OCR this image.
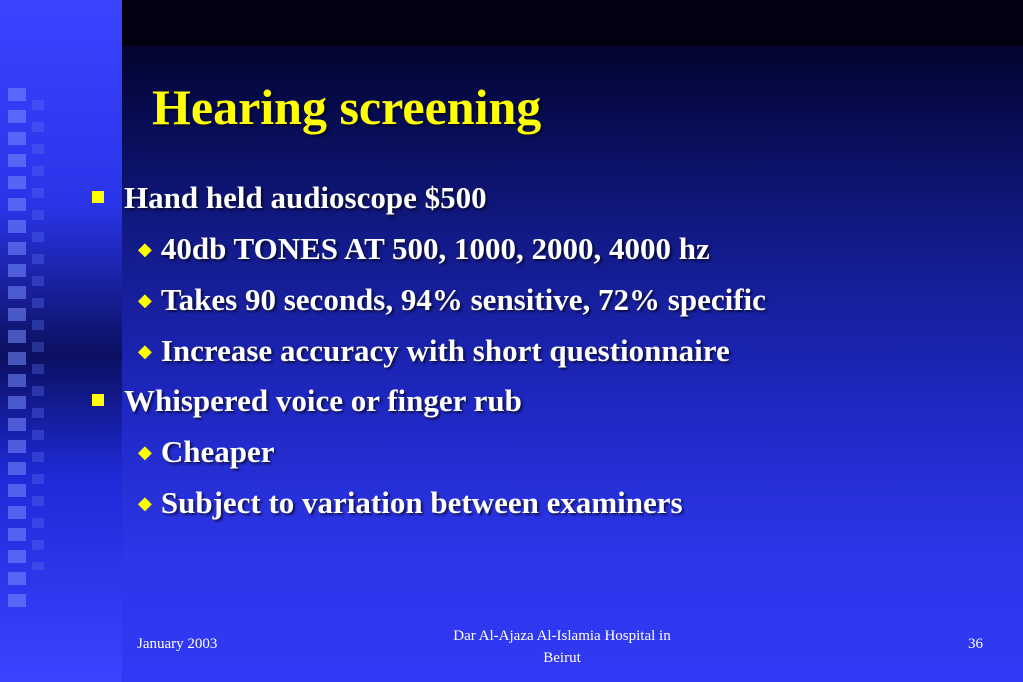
Hearing screening
Hand held audioscope $500
◆ 40db TONES AT 500, 1000, 2000, 4000 hz
◆ Takes 90 seconds, 94% sensitive, 72% specific
◆ Increase accuracy with short questionnaire
Whispered voice or finger rub
◆ Cheaper
◆ Subject to variation between examiners
January 2003	Dar Al-Ajaza Al-Islamia Hospital in
Beirut
36
